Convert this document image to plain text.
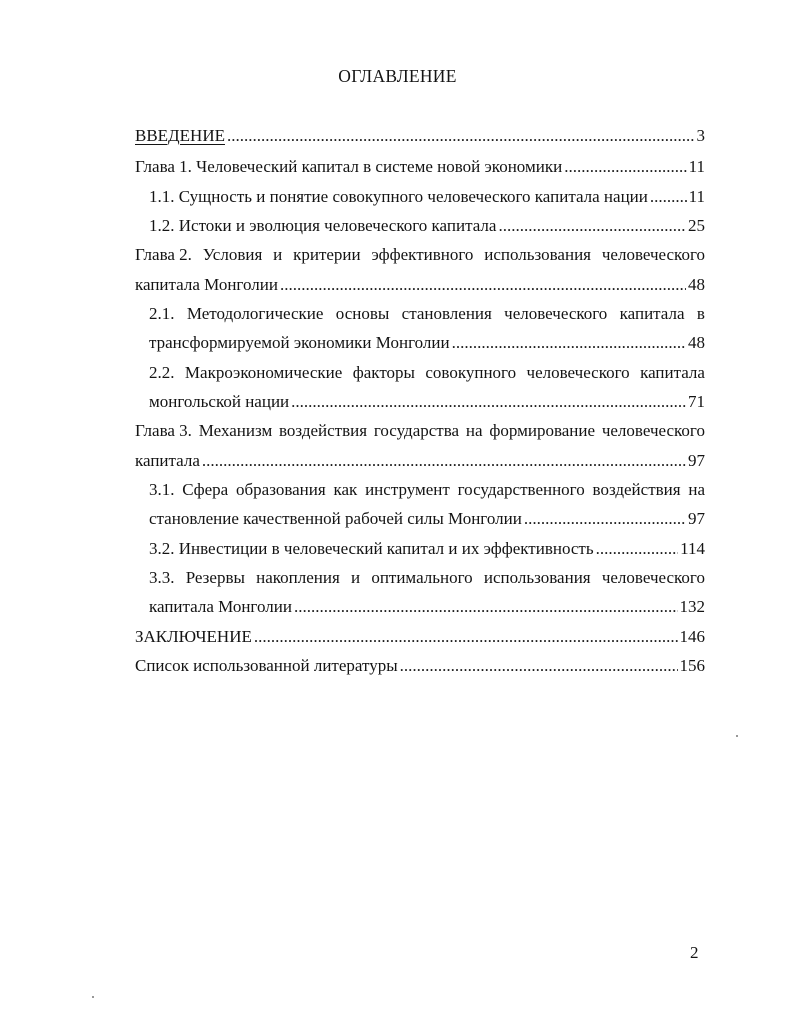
ОГЛАВЛЕНИЕ
ВВЕДЕНИЕ .....	3
Глава 1. Человеческий капитал в системе новой экономики .....	11
1.1. Сущность и понятие совокупного человеческого капитала нации ..... 11
1.2. Истоки и эволюция человеческого капитала .....	25
Глава 2. Условия и критерии эффективного использования человеческого
капитала Монголии .....	48
2.1. Методологические основы становления человеческого капитала в
трансформируемой экономики Монголии .....	48
2.2. Макроэкономические факторы совокупного человеческого капитала
монгольской нации .....	71
Глава 3. Механизм воздействия государства на формирование человеческого
капитала .....	97
3.1. Сфера образования как инструмент государственного воздействия на
становление качественной рабочей силы Монголии .....	97
3.2. Инвестиции в человеческий капитал и их эффективность .....	114
3.3. Резервы накопления и оптимального использования человеческого
капитала Монголии .....	132
ЗАКЛЮЧЕНИЕ .....	146
Список использованной литературы .....	156
2
